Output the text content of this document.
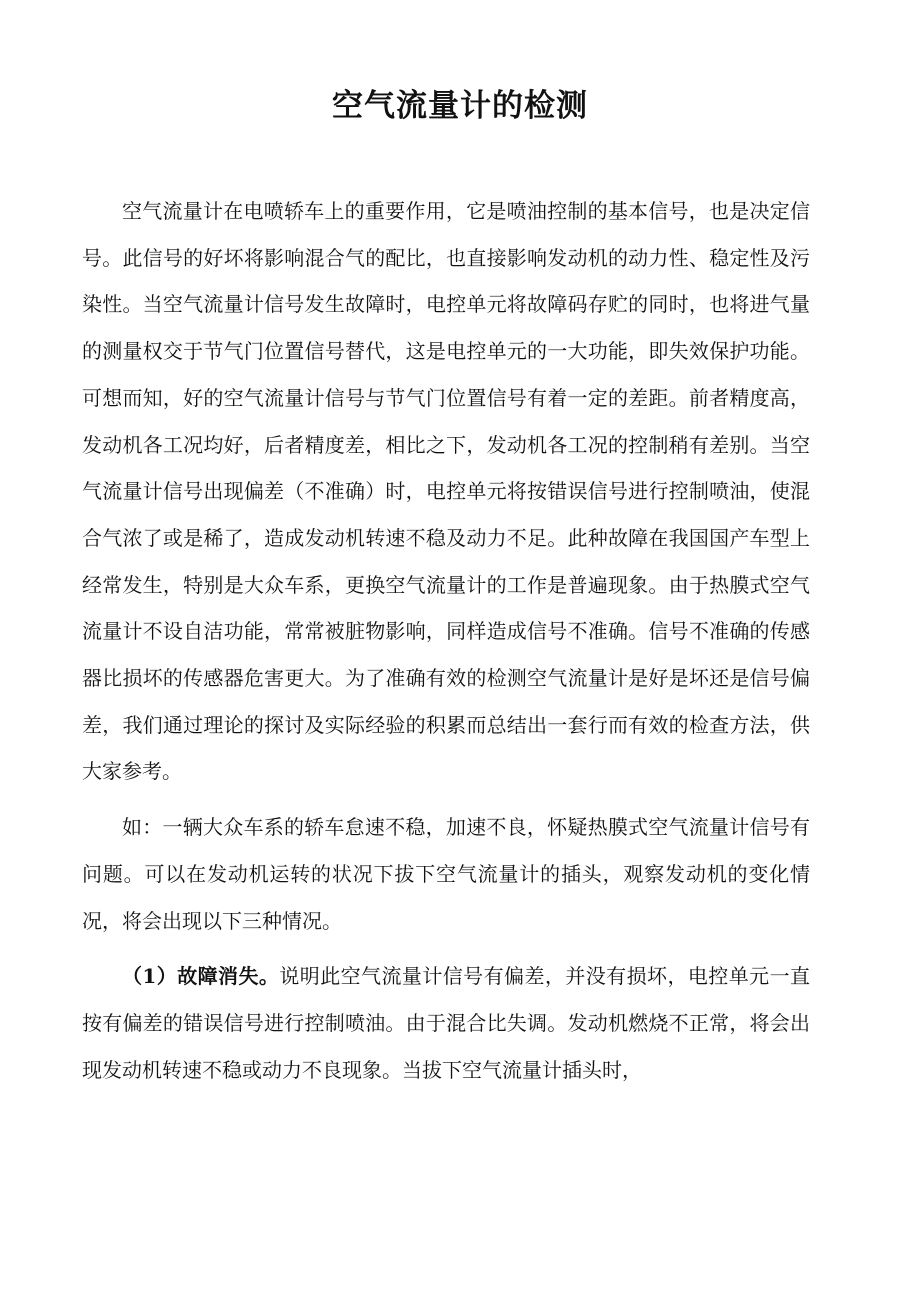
空气流量计的检测

空气流量计在电喷轿车上的重要作用，它是喷油控制的基本信号，也是决定信号。此信号的好坏将影响混合气的配比，也直接影响发动机的动力性、稳定性及污染性。当空气流量计信号发生故障时，电控单元将故障码存贮的同时，也将进气量的测量权交于节气门位置信号替代，这是电控单元的一大功能，即失效保护功能。可想而知，好的空气流量计信号与节气门位置信号有着一定的差距。前者精度高，发动机各工况均好，后者精度差，相比之下，发动机各工况的控制稍有差别。当空气流量计信号出现偏差（不准确）时，电控单元将按错误信号进行控制喷油，使混合气浓了或是稀了，造成发动机转速不稳及动力不足。此种故障在我国国产车型上经常发生，特别是大众车系，更换空气流量计的工作是普遍现象。由于热膜式空气流量计不设自洁功能，常常被脏物影响，同样造成信号不准确。信号不准确的传感器比损坏的传感器危害更大。为了准确有效的检测空气流量计是好是坏还是信号偏差，我们通过理论的探讨及实际经验的积累而总结出一套行而有效的检查方法，供大家参考。

如：一辆大众车系的轿车怠速不稳，加速不良，怀疑热膜式空气流量计信号有问题。可以在发动机运转的状况下拔下空气流量计的插头，观察发动机的变化情况，将会出现以下三种情况。

（1）故障消失。说明此空气流量计信号有偏差，并没有损坏，电控单元一直按有偏差的错误信号进行控制喷油。由于混合比失调。发动机燃烧不正常，将会出现发动机转速不稳或动力不良现象。当拔下空气流量计插头时，
